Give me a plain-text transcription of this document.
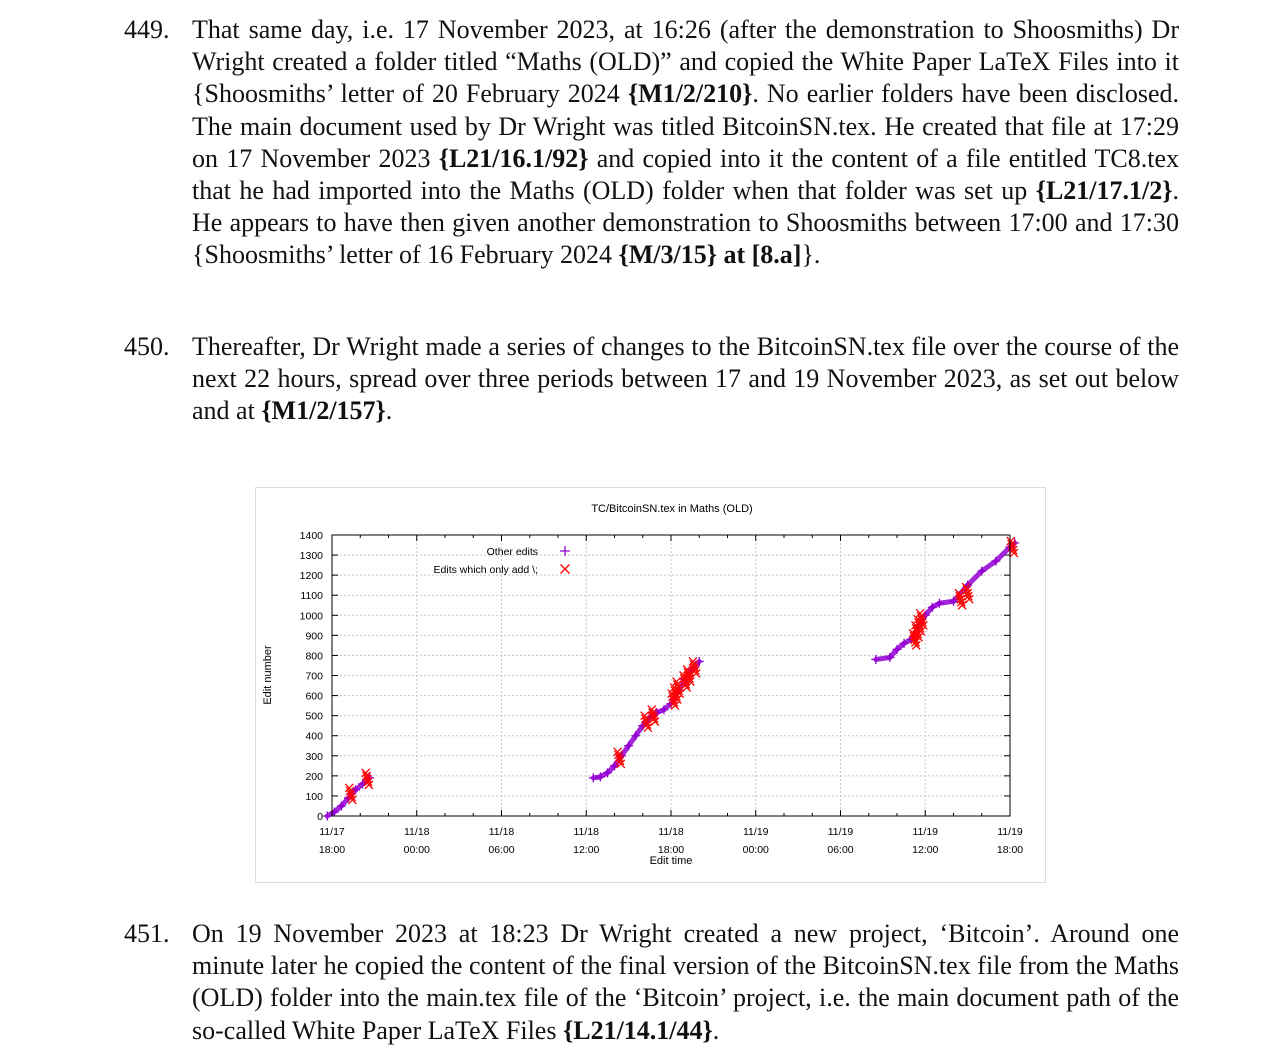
449. That same day, i.e. 17 November 2023, at 16:26 (after the demonstration to Shoosmiths) Dr Wright created a folder titled “Maths (OLD)” and copied the White Paper LaTeX Files into it {Shoosmiths’ letter of 20 February 2024 {M1/2/210}. No earlier folders have been disclosed. The main document used by Dr Wright was titled BitcoinSN.tex. He created that file at 17:29 on 17 November 2023 {L21/16.1/92} and copied into it the content of a file entitled TC8.tex that he had imported into the Maths (OLD) folder when that folder was set up {L21/17.1/2}. He appears to have then given another demonstration to Shoosmiths between 17:00 and 17:30 {Shoosmiths’ letter of 16 February 2024 {M/3/15} at [8.a]}.
450. Thereafter, Dr Wright made a series of changes to the BitcoinSN.tex file over the course of the next 22 hours, spread over three periods between 17 and 19 November 2023, as set out below and at {M1/2/157}.
TC/BitcoinSN.tex in Maths (OLD)
Edit number
Edit time
0
100
200
300
400
500
600
700
800
900
1000
1100
1200
1300
1400
11/17
18:00
11/18
00:00
11/18
06:00
11/18
12:00
11/18
18:00
11/19
00:00
11/19
06:00
11/19
12:00
11/19
18:00
Other edits
Edits which only add \;
451. On 19 November 2023 at 18:23 Dr Wright created a new project, ‘Bitcoin’. Around one minute later he copied the content of the final version of the BitcoinSN.tex file from the Maths (OLD) folder into the main.tex file of the ‘Bitcoin’ project, i.e. the main document path of the so-called White Paper LaTeX Files {L21/14.1/44}.
